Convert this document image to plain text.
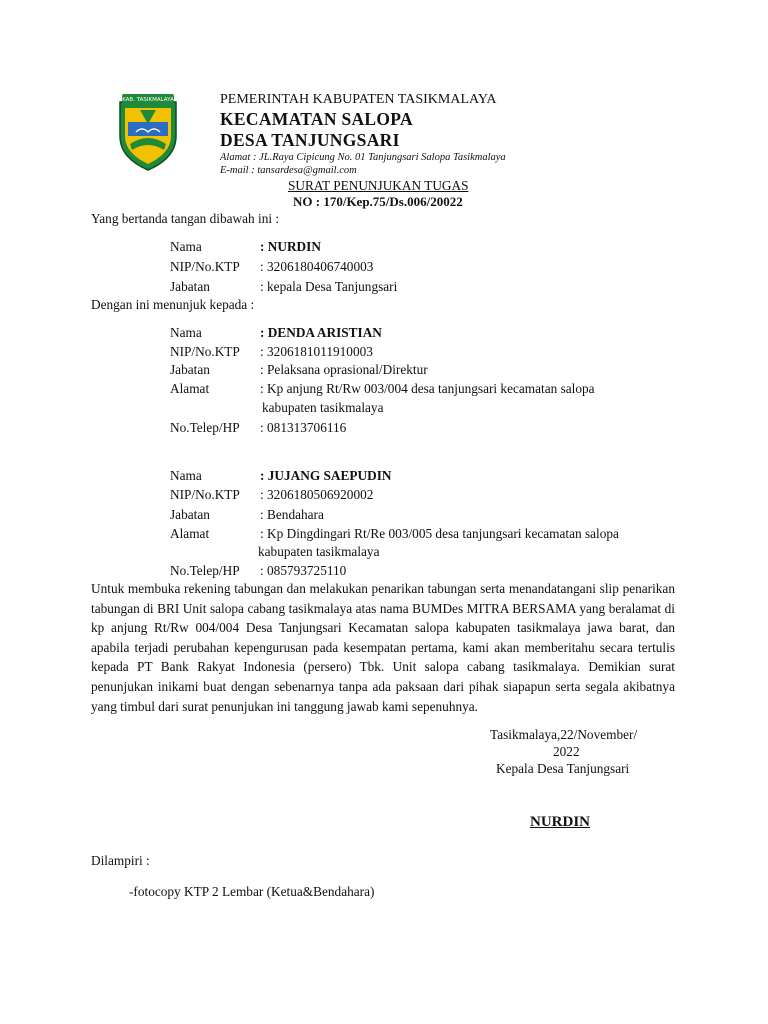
KAB. TASIKMALAYA	PEMERINTAH KABUPATEN TASIKMALAYA
KECAMATAN SALOPA
DESA TANJUNGSARI
Alamat : JL.Raya Cipicung No. 01 Tanjungsari Salopa Tasikmalaya
E-mail : tansardesa@gmail.com
SURAT PENUNJUKAN TUGAS
NO : 170/Kep.75/Ds.006/20022
Yang bertanda tangan dibawah ini :
Nama	: NURDIN
NIP/No.KTP : 3206180406740003
Jabatan	: kepala Desa Tanjungsari
Dengan ini menunjuk kepada :
Nama	: DENDA ARISTIAN
NIP/No.KTP : 3206181011910003
Jabatan	: Pelaksana oprasional/Direktur
Alamat	: Kp anjung Rt/Rw 003/004 desa tanjungsari kecamatan salopa
kabupaten tasikmalaya
No.Telep/HP : 081313706116
Nama	: JUJANG SAEPUDIN
NIP/No.KTP : 3206180506920002
Jabatan	: Bendahara
Alamat	: Kp Dingdingari Rt/Re 003/005 desa tanjungsari kecamatan salopa
kabupaten tasikmalaya
No.Telep/HP : 085793725110
Untuk membuka rekening tabungan dan melakukan penarikan tabungan serta menandatangani slip penarikan tabungan di BRI Unit salopa cabang tasikmalaya atas nama BUMDes MITRA BERSAMA yang beralamat di kp anjung Rt/Rw 004/004 Desa Tanjungsari Kecamatan salopa kabupaten tasikmalaya jawa barat, dan apabila terjadi perubahan kepengurusan pada kesempatan pertama, kami akan memberitahu secara tertulis kepada PT Bank Rakyat Indonesia (persero) Tbk. Unit salopa cabang tasikmalaya. Demikian surat penunjukan inikami buat dengan sebenarnya tanpa ada paksaan dari pihak siapapun serta segala akibatnya yang timbul dari surat penunjukan ini tanggung jawab kami sepenuhnya.
Tasikmalaya,22/November/
2022
Kepala Desa Tanjungsari
NURDIN
Dilampiri :
-fotocopy KTP 2 Lembar (Ketua&Bendahara)
